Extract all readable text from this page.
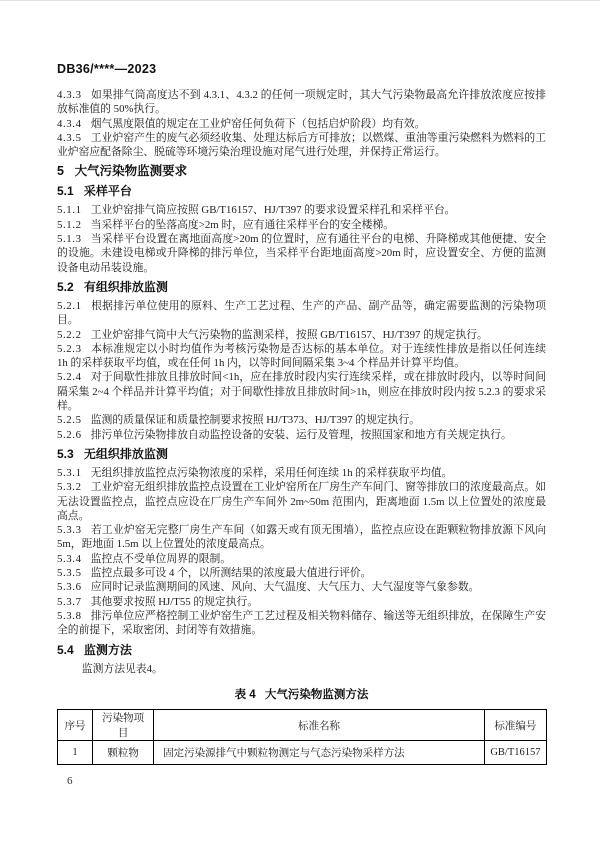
DB36/****—2023

4.3.3 如果排气筒高度达不到 4.3.1、4.3.2 的任何一项规定时，其大气污染物最高允许排放浓度应按排放标准值的 50%执行。

4.3.4 烟气黑度限值的规定在工业炉窑任何负荷下（包括启炉阶段）均有效。

4.3.5 工业炉窑产生的废气必须经收集、处理达标后方可排放；以燃煤、重油等重污染燃料为燃料的工业炉窑应配备除尘、脱硫等环境污染治理设施对尾气进行处理，并保持正常运行。

5 大气污染物监测要求
5.1 采样平台

5.1.1 工业炉窑排气筒应按照 GB/T16157、HJ/T397 的要求设置采样孔和采样平台。

5.1.2 当采样平台的坠落高度>2m 时，应有通往采样平台的安全楼梯。

5.1.3 当采样平台设置在离地面高度>20m 的位置时，应有通往平台的电梯、升降梯或其他便捷、安全的设施。未建设电梯或升降梯的排污单位，当采样平台距地面高度>20m 时，应设置安全、方便的监测设备电动吊装设施。

5.2 有组织排放监测

5.2.1 根据排污单位使用的原料、生产工艺过程、生产的产品、副产品等，确定需要监测的污染物项目。

5.2.2 工业炉窑排气筒中大气污染物的监测采样，按照 GB/T16157、HJ/T397 的规定执行。

5.2.3 本标准规定以小时均值作为考核污染物是否达标的基本单位。对于连续性排放是指以任何连续 1h 的采样获取平均值，或在任何 1h 内，以等时间间隔采集 3~4 个样品并计算平均值。

5.2.4 对于间歇性排放且排放时间<1h，应在排放时段内实行连续采样，或在排放时段内，以等时间间隔采集 2~4 个样品并计算平均值；对于间歇性排放且排放时间>1h，则应在排放时段内按 5.2.3 的要求采样。

5.2.5 监测的质量保证和质量控制要求按照 HJ/T373、HJ/T397 的规定执行。

5.2.6 排污单位污染物排放自动监控设备的安装、运行及管理，按照国家和地方有关规定执行。

5.3 无组织排放监测

5.3.1 无组织排放监控点污染物浓度的采样，采用任何连续 1h 的采样获取平均值。

5.3.2 工业炉窑无组织排放监控点设置在工业炉窑所在厂房生产车间门、窗等排放口的浓度最高点。如无法设置监控点，监控点应设在厂房生产车间外 2m~50m 范围内，距离地面 1.5m 以上位置处的浓度最高点。

5.3.3 若工业炉窑无完整厂房生产车间（如露天或有顶无围墙），监控点应设在距颗粒物排放源下风向 5m，距地面 1.5m 以上位置处的浓度最高点。

5.3.4 监控点不受单位周界的限制。

5.3.5 监控点最多可设 4 个，以所测结果的浓度最大值进行评价。

5.3.6 应同时记录监测期间的风速、风向、大气温度、大气压力、大气湿度等气象参数。

5.3.7 其他要求按照 HJ/T55 的规定执行。

5.3.8 排污单位应严格控制工业炉窑生产工艺过程及相关物料储存、输送等无组织排放，在保障生产安全的前提下，采取密闭、封闭等有效措施。

5.4 监测方法

监测方法见表4。

表 4 大气污染物监测方法
序号	污染物项目	标准名称	标准编号
1	颗粒物	固定污染源排气中颗粒物测定与气态污染物采样方法	GB/T16157
6
